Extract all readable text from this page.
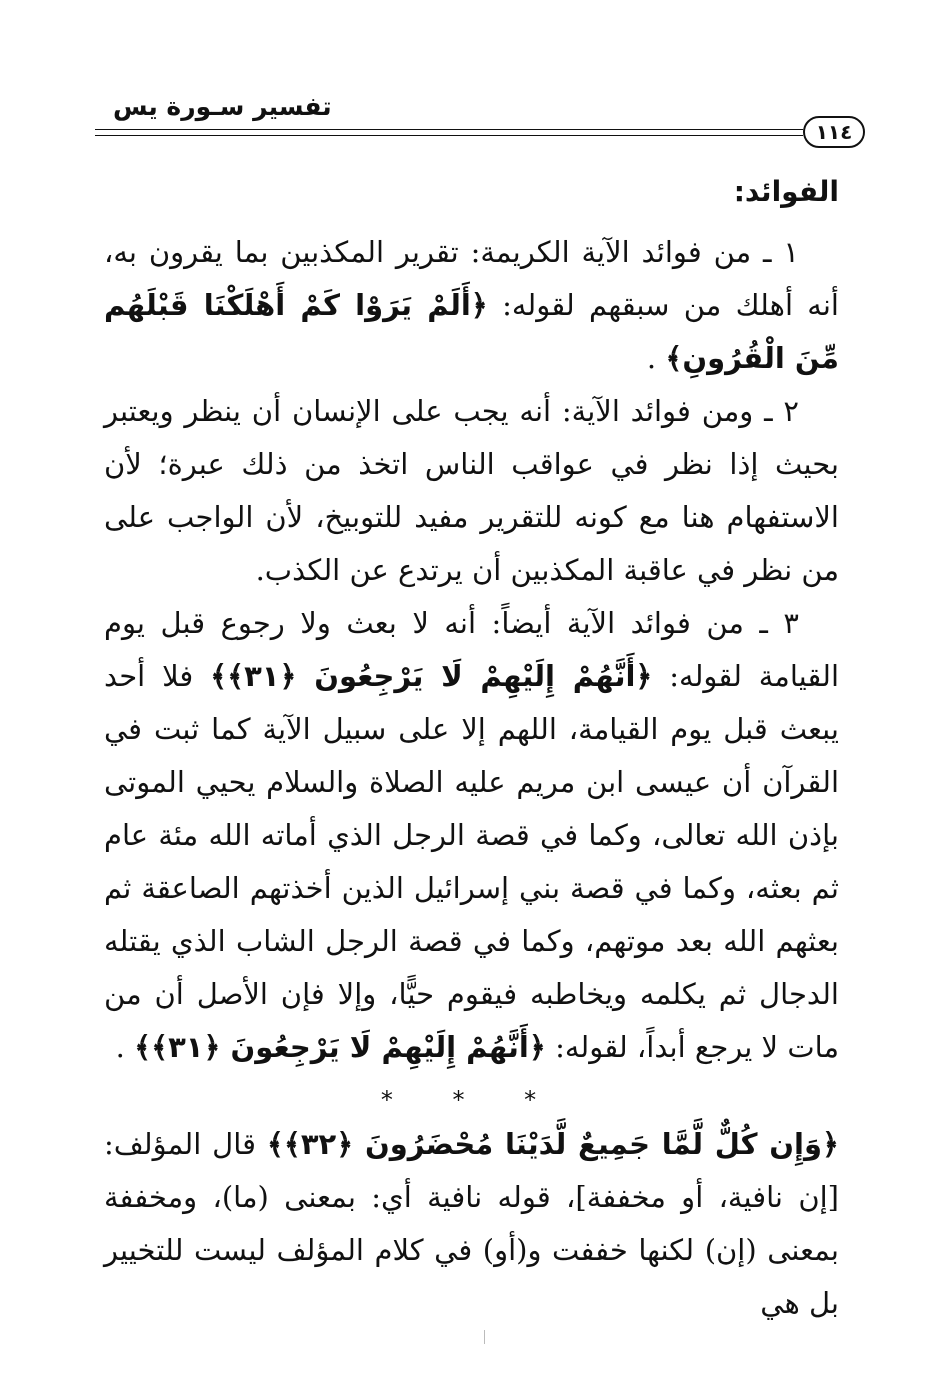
تفسير سـورة يس
١١٤
الفوائد:

١ ـ من فوائد الآية الكريمة: تقرير المكذبين بما يقرون به، أنه أهلك من سبقهم لقوله: ﴿أَلَمْ يَرَوْا كَمْ أَهْلَكْنَا قَبْلَهُم مِّنَ الْقُرُونِ﴾ .

٢ ـ ومن فوائد الآية: أنه يجب على الإنسان أن ينظر ويعتبر بحيث إذا نظر في عواقب الناس اتخذ من ذلك عبرة؛ لأن الاستفهام هنا مع كونه للتقرير مفيد للتوبيخ، لأن الواجب على من نظر في عاقبة المكذبين أن يرتدع عن الكذب.

٣ ـ من فوائد الآية أيضاً: أنه لا بعث ولا رجوع قبل يوم القيامة لقوله: ﴿أَنَّهُمْ إِلَيْهِمْ لَا يَرْجِعُونَ ﴿٣١﴾﴾ فلا أحد يبعث قبل يوم القيامة، اللهم إلا على سبيل الآية كما ثبت في القرآن أن عيسى ابن مريم عليه الصلاة والسلام يحيي الموتى بإذن الله تعالى، وكما في قصة الرجل الذي أماته الله مئة عام ثم بعثه، وكما في قصة بني إسرائيل الذين أخذتهم الصاعقة ثم بعثهم الله بعد موتهم، وكما في قصة الرجل الشاب الذي يقتله الدجال ثم يكلمه ويخاطبه فيقوم حيًّا، وإلا فإن الأصل أن من مات لا يرجع أبداً، لقوله: ﴿أَنَّهُمْ إِلَيْهِمْ لَا يَرْجِعُونَ ﴿٣١﴾﴾ .

* * *

﴿وَإِن كُلٌّ لَّمَّا جَمِيعٌ لَّدَيْنَا مُحْضَرُونَ ﴿٣٢﴾﴾ قال المؤلف: [إن نافية، أو مخففة]، قوله نافية أي: بمعنى (ما)، ومخففة بمعنى (إن) لكنها خففت و(أو) في كلام المؤلف ليست للتخيير بل هي
